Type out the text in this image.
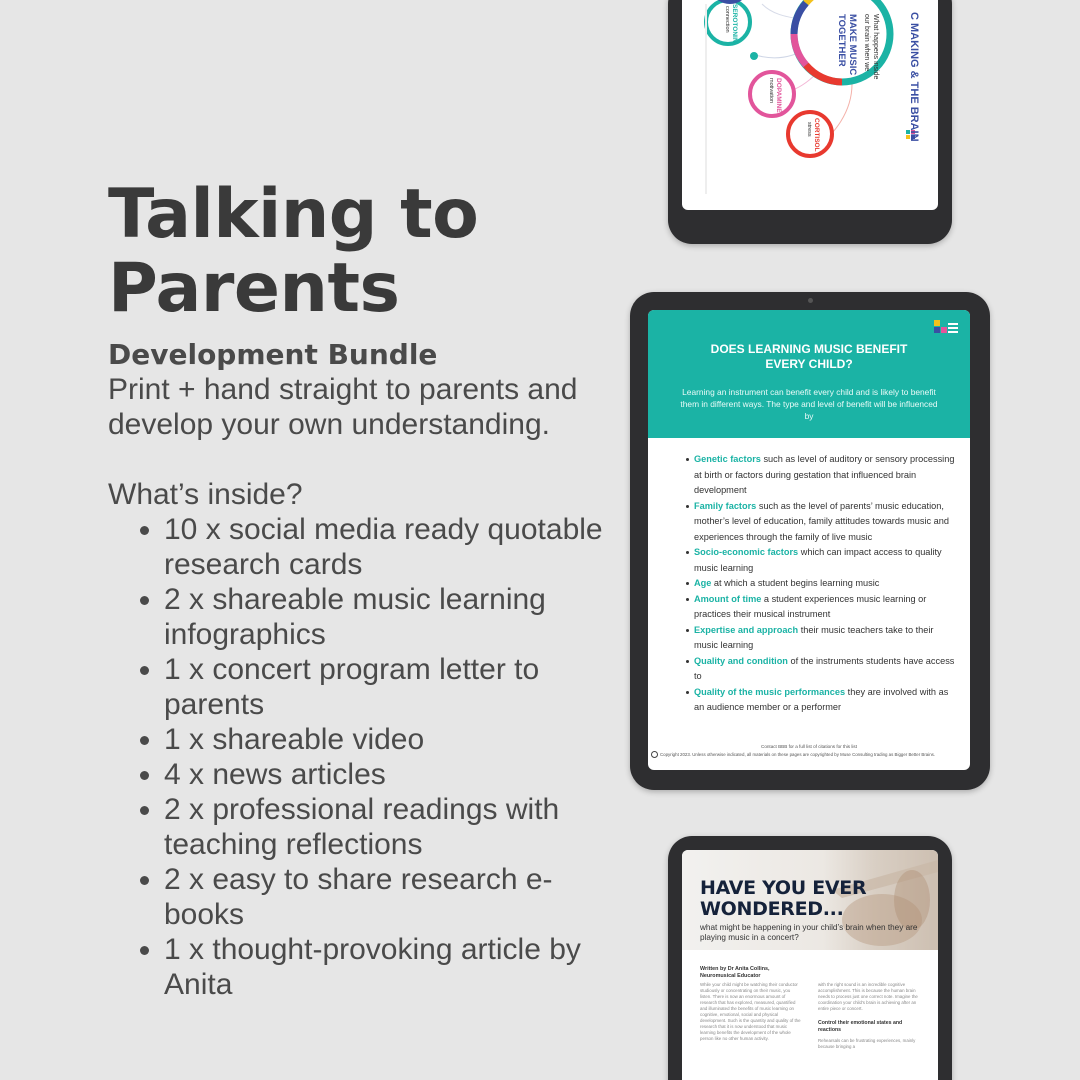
Talking to
Parents
Development Bundle
Print + hand straight to parents and develop your own understanding.
What’s inside?
10 x social media ready quotable research cards
2 x shareable music learning infographics
1 x concert program letter to parents
1 x shareable video
4 x news articles
2 x professional readings with teaching reflections
2 x easy to share research e-books
1 x thought-provoking article by Anita
C MAKING & THE BRAIN
What happens inside our brain when we
MAKE MUSIC TOGETHER
SEROTONIN
connection
DOPAMINE
motivation
CORTISOL
stress
DOES LEARNING MUSIC BENEFIT
EVERY CHILD?
Learning an instrument can benefit every child and is likely to benefit them in different ways. The type and level of benefit will be influenced by
Genetic factors such as level of auditory or sensory processing at birth or factors during gestation that influenced brain development
Family factors such as the level of parents’ music education, mother’s level of education, family attitudes towards music and experiences through the family of live music
Socio-economic factors which can impact access to quality music learning
Age at which a student begins learning music
Amount of time a student experiences music learning or practices their musical instrument
Expertise and approach their music teachers take to their music learning
Quality and condition of the instruments students have access to
Quality of the music performances they are involved with as an audience member or a performer
Contact BBB for a full list of citations for this list
Copyright 2023. Unless otherwise indicated, all materials on these pages are copyrighted by Muse Consulting trading as Bigger Better Brains.
HAVE YOU EVER
WONDERED...
what might be happening in your child’s brain when they are playing music in a concert?
Written by Dr Anita Collins,
Neuromusical Educator
While your child might be watching their conductor studiously or concentrating on their music, you listen. There is now an enormous amount of research that has explored, measured, quantified and illuminated the benefits of music learning on cognitive, emotional, social and physical development. Such is the quantity and quality of the research that it is now understood that music learning benefits the development of the whole person like no other human activity.
with the right sound is an incredible cognitive accomplishment. This is because the human brain needs to process just one correct note. Imagine the coordination your child's brain is achieving after an entire piece or concert.
Control their emotional states and reactions
Rehearsals can be frustrating experiences, mainly because bringing a
